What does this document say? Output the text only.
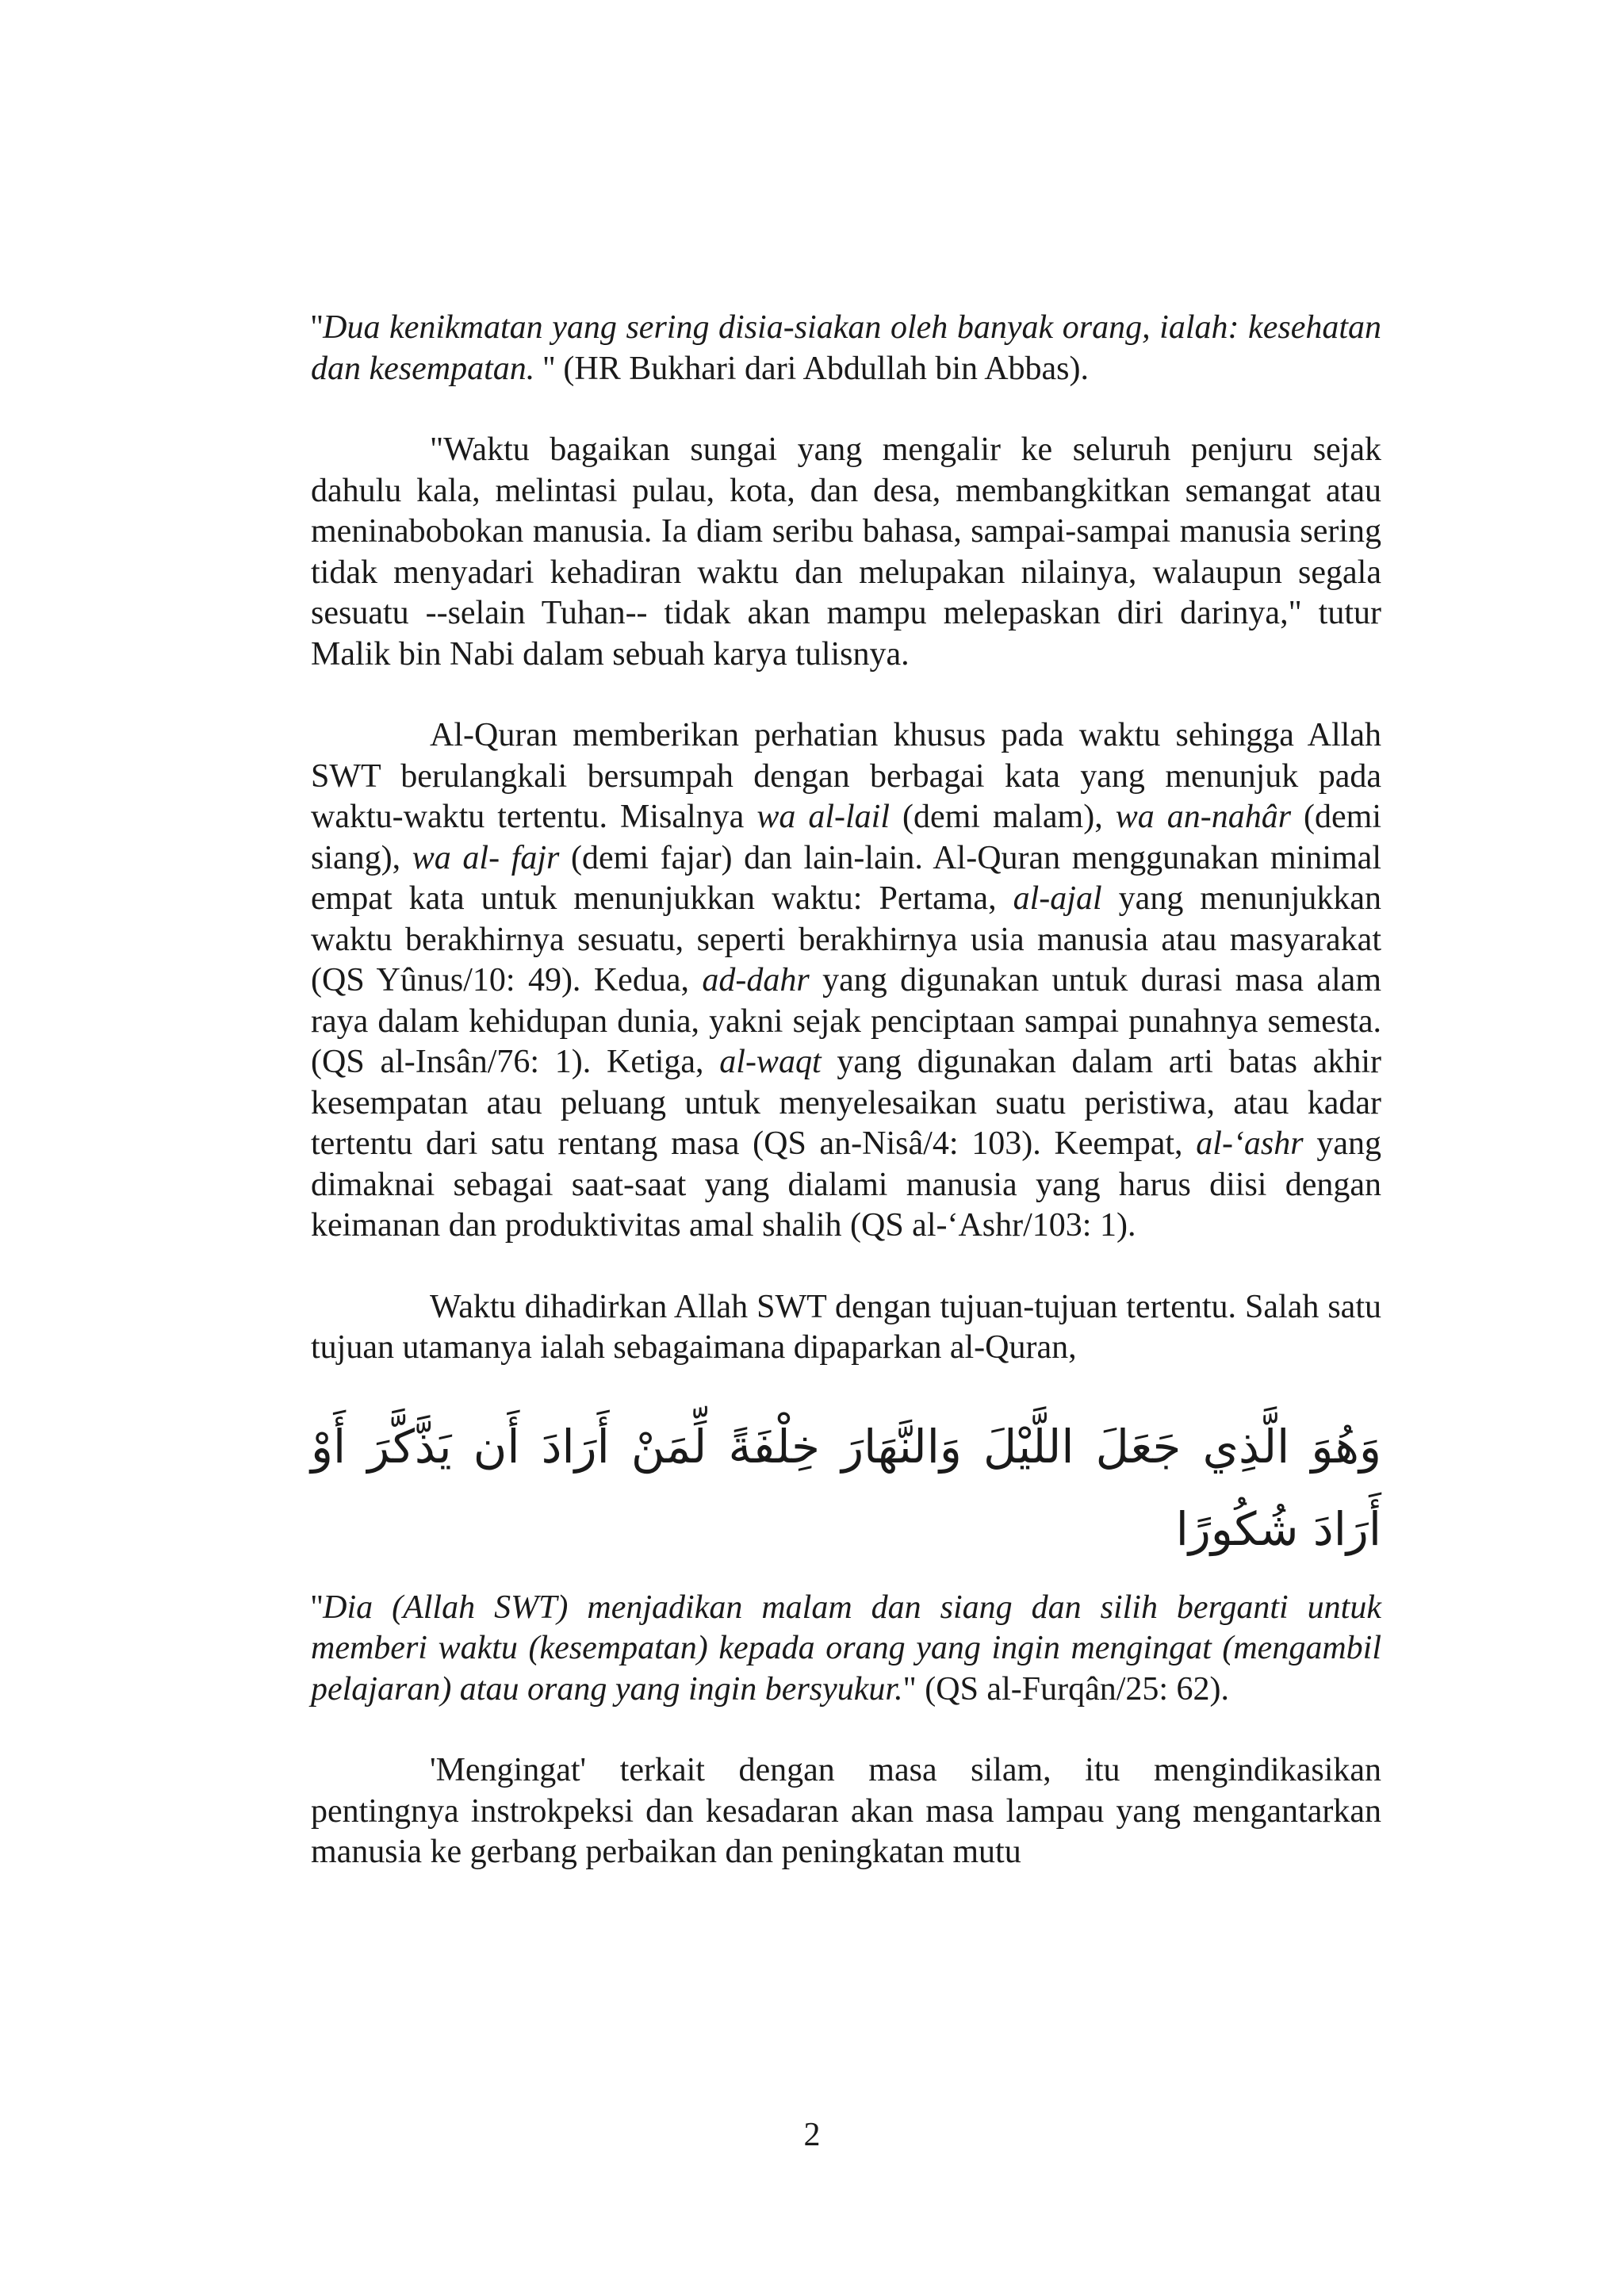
''Dua kenikmatan yang sering disia-siakan oleh banyak orang, ialah: kesehatan dan kesempatan. '' (HR Bukhari dari Abdullah bin Abbas).

"Waktu bagaikan sungai yang mengalir ke seluruh penjuru sejak dahulu kala, melintasi pulau, kota, dan desa, membangkitkan semangat atau meninabobokan manusia. Ia diam seribu bahasa, sampai-sampai manusia sering tidak menyadari kehadiran waktu dan melupakan nilainya, walaupun segala sesuatu --selain Tuhan-- tidak akan mampu melepaskan diri darinya," tutur Malik bin Nabi dalam sebuah karya tulisnya.

Al-Quran memberikan perhatian khusus pada waktu sehingga Allah SWT berulangkali bersumpah dengan berbagai kata yang menunjuk pada waktu-waktu tertentu. Misalnya wa al-lail (demi malam), wa an-nahâr (demi siang), wa al- fajr (demi fajar) dan lain-lain. Al-Quran menggunakan minimal empat kata untuk menunjukkan waktu: Pertama, al-ajal yang menunjukkan waktu berakhirnya sesuatu, seperti berakhirnya usia manusia atau masyarakat (QS Yûnus/10: 49). Kedua, ad-dahr yang digunakan untuk durasi masa alam raya dalam kehidupan dunia, yakni sejak penciptaan sampai punahnya semesta. (QS al-Insân/76: 1). Ketiga, al-waqt yang digunakan dalam arti batas akhir kesempatan atau peluang untuk menyelesaikan suatu peristiwa, atau kadar tertentu dari satu rentang masa (QS an-Nisâ/4: 103). Keempat, al-‘ashr yang dimaknai sebagai saat-saat yang dialami manusia yang harus diisi dengan keimanan dan produktivitas amal shalih (QS al-‘Ashr/103: 1).

Waktu dihadirkan Allah SWT dengan tujuan-tujuan tertentu. Salah satu tujuan utamanya ialah sebagaimana dipaparkan al-Quran,

وَهُوَ الَّذِي جَعَلَ اللَّيْلَ وَالنَّهَارَ خِلْفَةً لِّمَنْ أَرَادَ أَن يَذَّكَّرَ أَوْ أَرَادَ شُكُورًا

''Dia (Allah SWT) menjadikan malam dan siang dan silih berganti untuk memberi waktu (kesempatan) kepada orang yang ingin mengingat (mengambil pelajaran) atau orang yang ingin bersyukur." (QS al-Furqân/25: 62).

'Mengingat' terkait dengan masa silam, itu mengindikasikan pentingnya instrokpeksi dan kesadaran akan masa lampau yang mengantarkan manusia ke gerbang perbaikan dan peningkatan mutu

2
